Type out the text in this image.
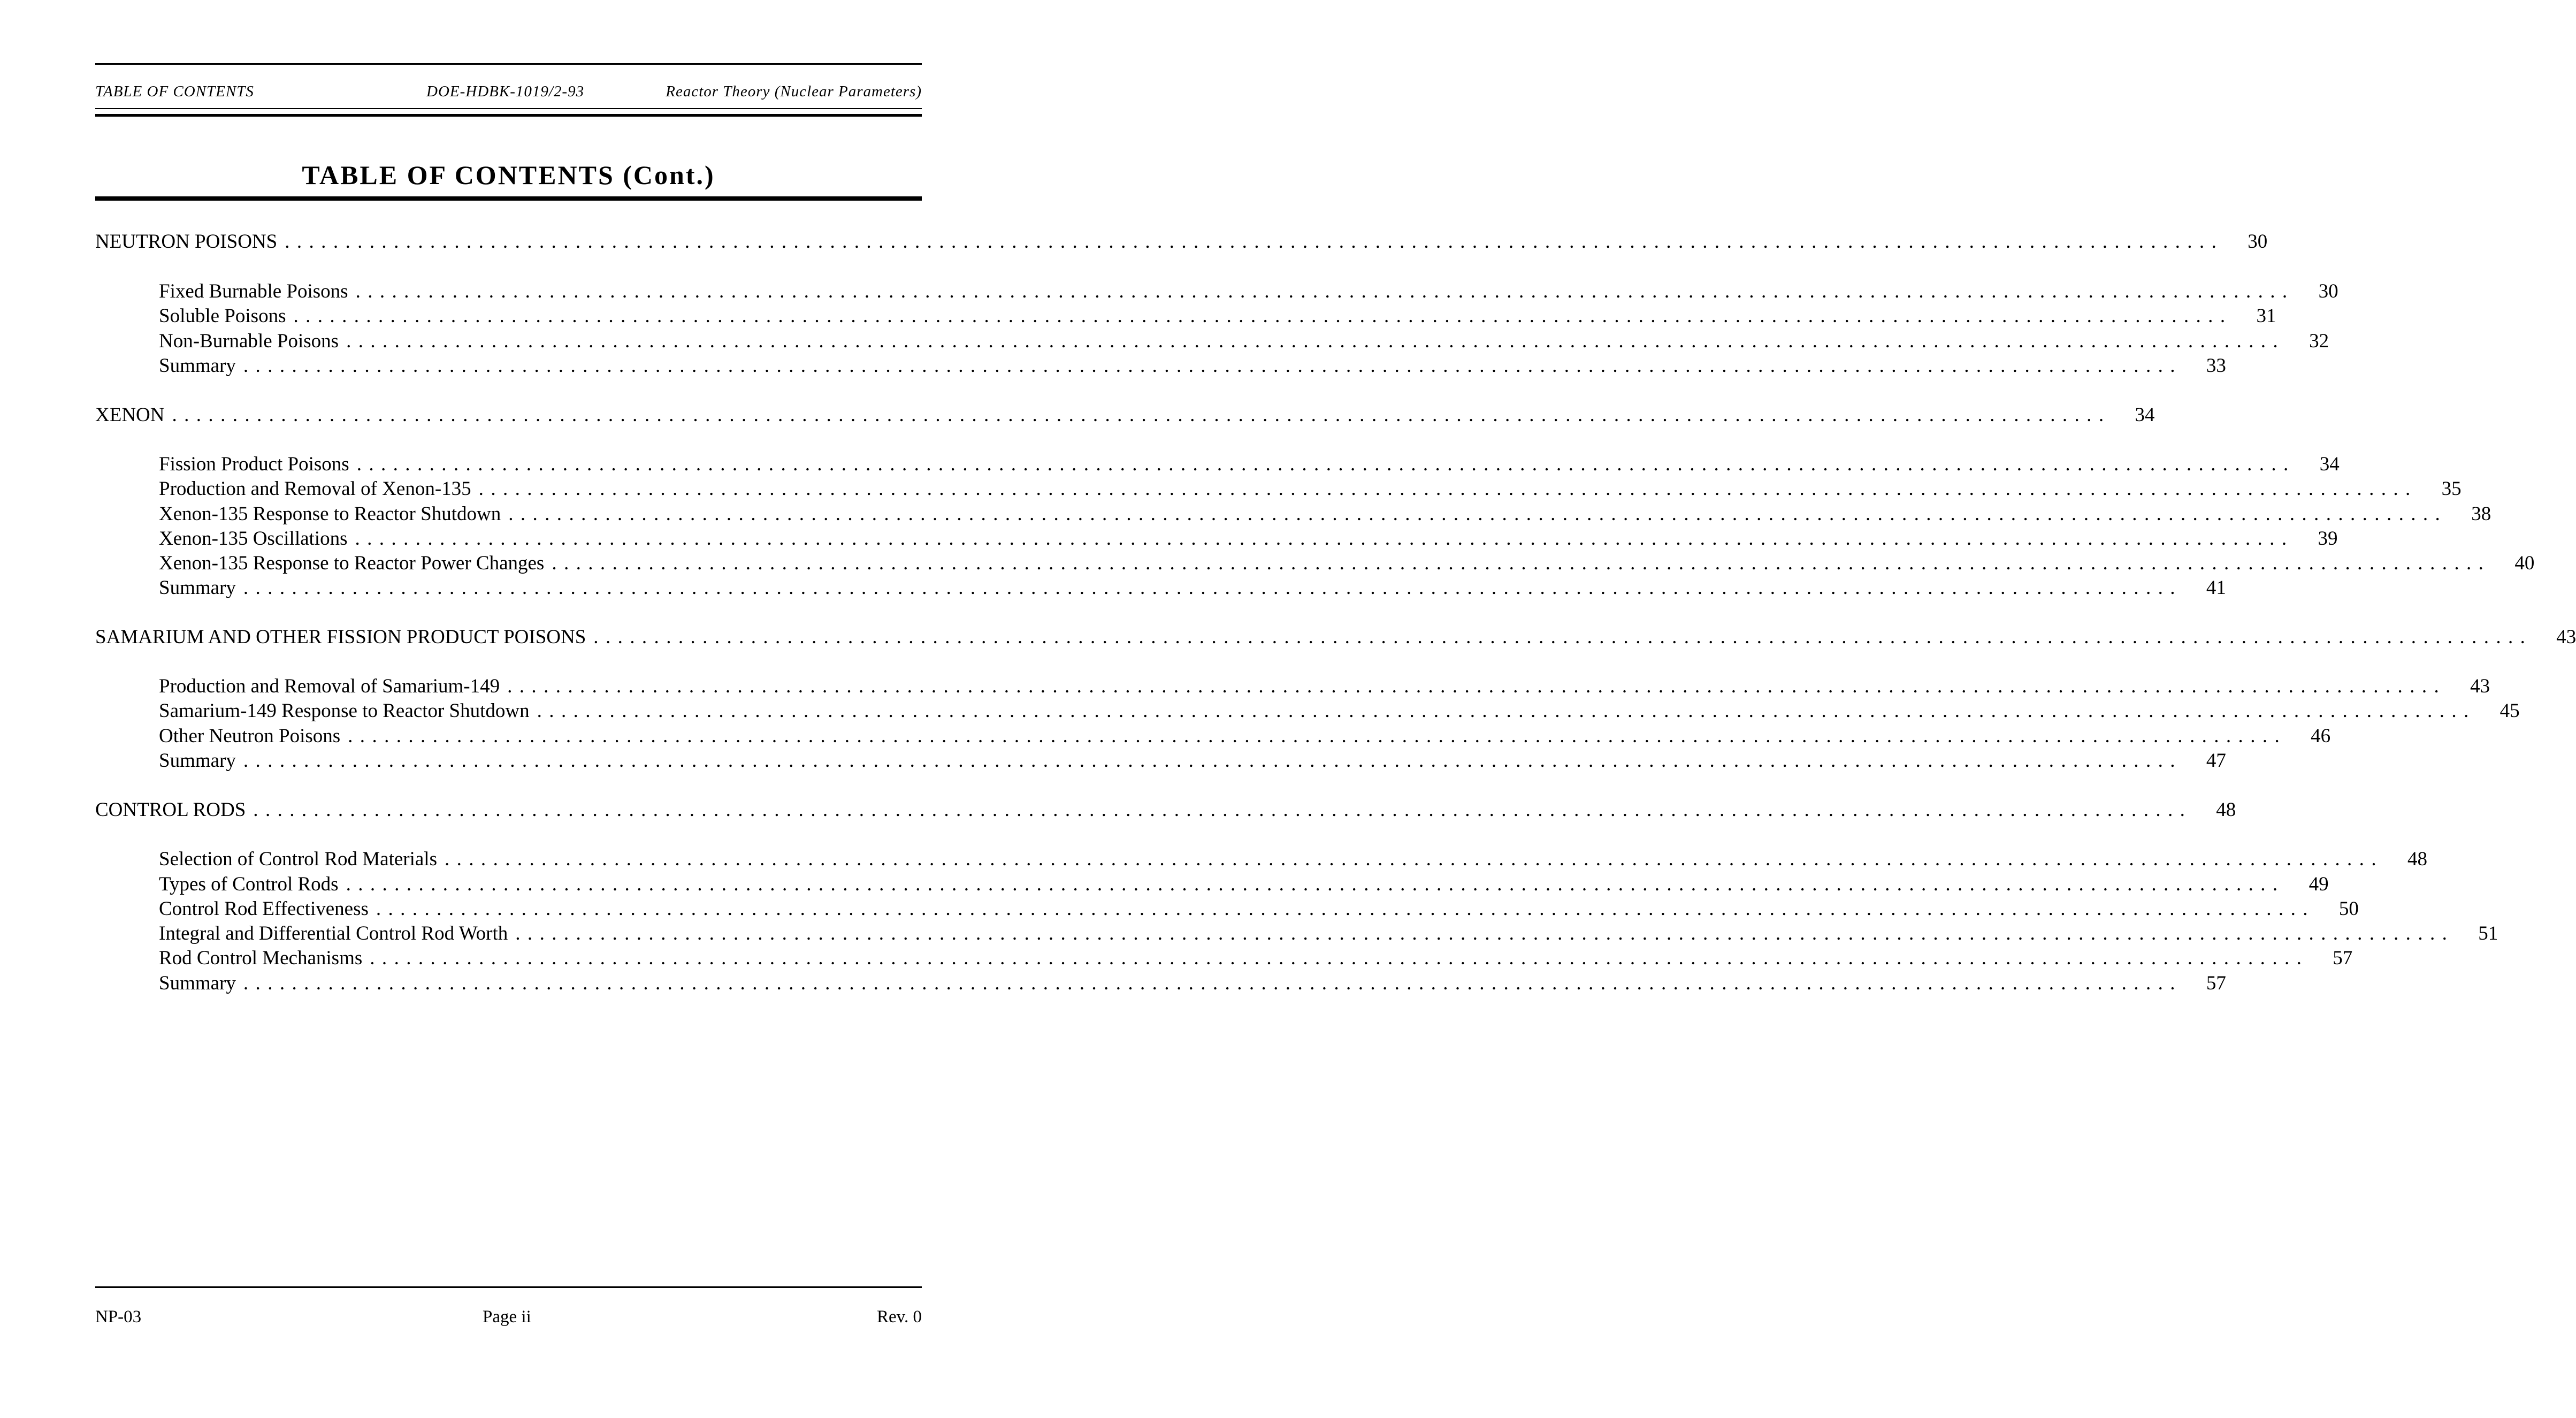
TABLE OF CONTENTS	DOE-HDBK-1019/2-93	Reactor Theory (Nuclear Parameters)
TABLE OF CONTENTS (Cont.)
NEUTRON POISONS ................................................................................................................................................................ 30
Fixed Burnable Poisons ................................................................................................................................................................ 30
Soluble Poisons ................................................................................................................................................................ 31
Non-Burnable Poisons ................................................................................................................................................................ 32
Summary ................................................................................................................................................................ 33
XENON ................................................................................................................................................................ 34
Fission Product Poisons ................................................................................................................................................................ 34
Production and Removal of Xenon-135 ................................................................................................................................................................ 35
Xenon-135 Response to Reactor Shutdown ................................................................................................................................................................ 38
Xenon-135 Oscillations ................................................................................................................................................................ 39
Xenon-135 Response to Reactor Power Changes ................................................................................................................................................................ 40
Summary ................................................................................................................................................................ 41
SAMARIUM AND OTHER FISSION PRODUCT POISONS ................................................................................................................................................................ 43
Production and Removal of Samarium-149 ................................................................................................................................................................ 43
Samarium-149 Response to Reactor Shutdown ................................................................................................................................................................ 45
Other Neutron Poisons ................................................................................................................................................................ 46
Summary ................................................................................................................................................................ 47
CONTROL RODS ................................................................................................................................................................ 48
Selection of Control Rod Materials ................................................................................................................................................................ 48
Types of Control Rods ................................................................................................................................................................ 49
Control Rod Effectiveness ................................................................................................................................................................ 50
Integral and Differential Control Rod Worth ................................................................................................................................................................ 51
Rod Control Mechanisms ................................................................................................................................................................ 57
Summary ................................................................................................................................................................ 57
NP-03	Page ii	Rev. 0
